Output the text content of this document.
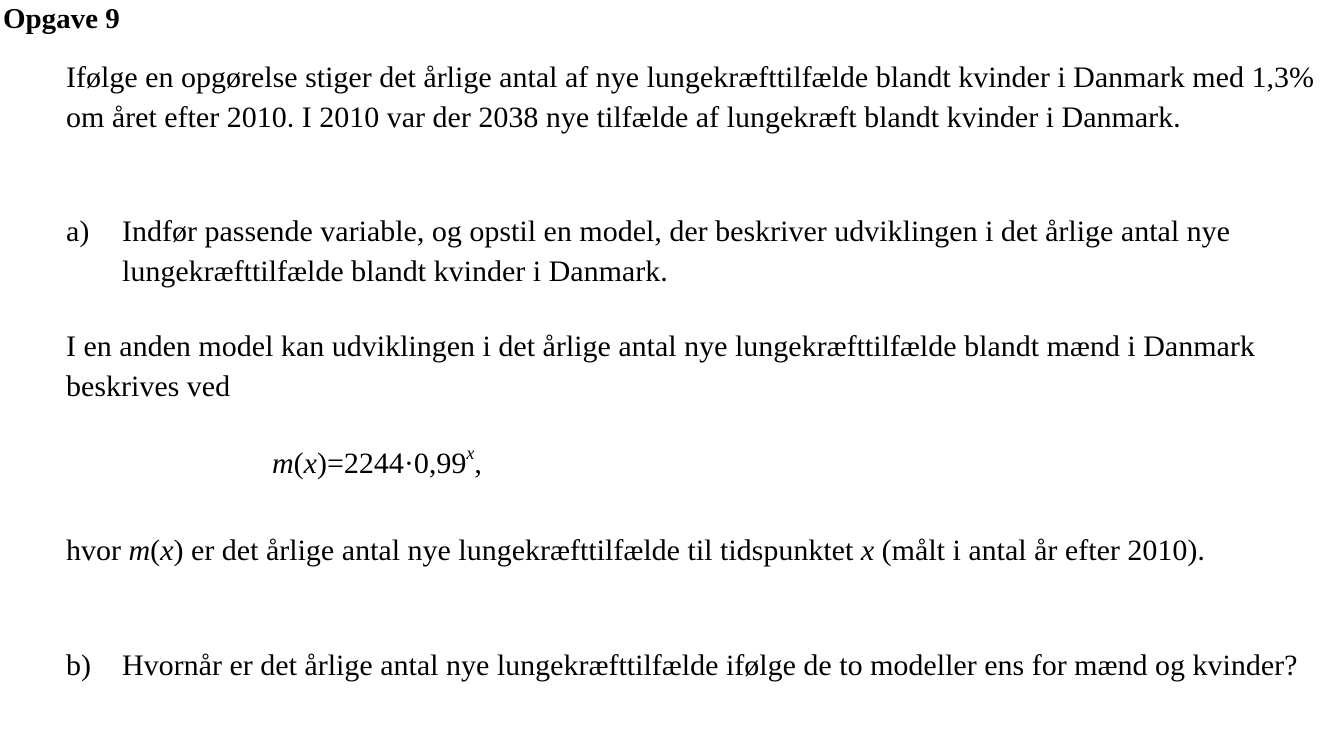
Opgave 9

Ifølge en opgørelse stiger det årlige antal af nye lungekræfttilfælde blandt kvinder i Danmark med 1,3% om året efter 2010. I 2010 var der 2038 nye tilfælde af lungekræft blandt kvinder i Danmark.

a)	Indfør passende variable, og opstil en model, der beskriver udviklingen i det årlige antal nye lungekræfttilfælde blandt kvinder i Danmark.

I en anden model kan udviklingen i det årlige antal nye lungekræfttilfælde blandt mænd i Danmark beskrives ved

$m(x)=2244\cdot 0,99^x$,

hvor m(x) er det årlige antal nye lungekræfttilfælde til tidspunktet x (målt i antal år efter 2010).

b)	Hvornår er det årlige antal nye lungekræfttilfælde ifølge de to modeller ens for mænd og kvinder?
